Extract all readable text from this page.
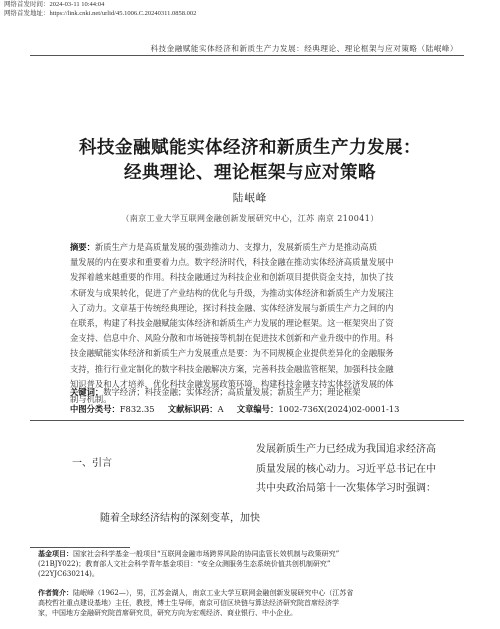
网络首发时间：2024-03-11 10:44:04
网络首发地址：https://link.cnki.net/urlid/45.1006.C.20240311.0858.002
科技金融赋能实体经济和新质生产力发展：经典理论、理论框架与应对策略（陆岷峰）
科技金融赋能实体经济和新质生产力发展：
经典理论、理论框架与应对策略
陆岷峰
（南京工业大学互联网金融创新发展研究中心，江苏 南京 210041）
摘要：新质生产力是高质量发展的强劲推动力、支撑力，发展新质生产力是推动高质
量发展的内在要求和重要着力点。数字经济时代，科技金融在推动实体经济高质量发展中
发挥着越来越重要的作用。科技金融通过为科技企业和创新项目提供资金支持，加快了技
术研发与成果转化，促进了产业结构的优化与升级，为推动实体经济和新质生产力发展注
入了动力。文章基于传统经典理论，探讨科技金融、实体经济发展与新质生产力之间的内
在联系，构建了科技金融赋能实体经济和新质生产力发展的理论框架。这一框架突出了资
金支持、信息中介、风险分散和市场链接等机制在促进技术创新和产业升级中的作用。科
技金融赋能实体经济和新质生产力发展重点是要：为不同规模企业提供差异化的金融服务
支持，推行行业定制化的数字科技金融解决方案，完善科技金融监管框架，加强科技金融
知识普及和人才培养，优化科技金融发展政策环境，构建科技金融支持实体经济发展的体
制与机制。
关键词：数字经济；科技金融；实体经济；高质量发展；新质生产力；理论框架
中图分类号：F832.35 文献标识码：A 文章编号：1002-736X(2024)02-0001-13
一、引言
随着全球经济结构的深刻变革，加快
发展新质生产力已经成为我国追求经济高
质量发展的核心动力。习近平总书记在中
共中央政治局第十一次集体学习时强调：
基金项目：国家社会科学基金一般项目“互联网金融市场跨界风险的协同监管长效机制与政策研究”
(21BJY022)；教育部人文社会科学青年基金项目：“安全众测服务生态系统价值共创机制研究”
(22YJC630214)。
作者简介：陆岷峰（1962—），男，江苏金湖人，南京工业大学互联网金融创新发展研究中心（江苏省
高校哲社重点建设基地）主任，教授，博士生导师，南京可信区块链与算法经济研究院首席经济学
家，中国地方金融研究院首席研究员，研究方向为宏观经济、商业银行、中小企业。
